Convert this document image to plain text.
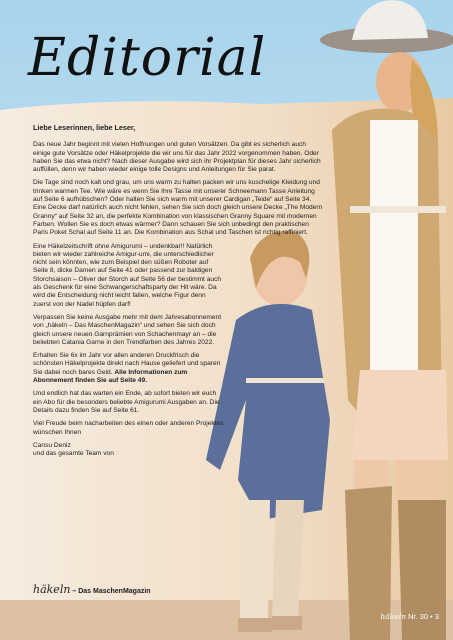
Editorial

Liebe Leserinnen, liebe Leser,

Das neue Jahr beginnt mit vielen Hoffnungen und guten Vorsätzen. Da gibt es sicherlich auch einige gute Vorsätze oder Häkelprojekte die wir uns für das Jahr 2022 vorgenommen haben. Oder haben Sie das etwa nicht? Nach dieser Ausgabe wird sich ihr Projektplan für dieses Jahr sicherlich auffüllen, denn wir haben wieder einige tolle Designs und Anleitungen für Sie parat.

Die Tage sind noch kalt und grau, um uns warm zu halten packen wir uns kuschelige Kleidung und trinken warmen Tee. Wie wäre es wenn Sie Ihre Tasse mit unserer Schneemann Tasse Anleitung auf Seite 6 aufhübschen? Oder halten Sie sich warm mit unserer Cardigan „Teide“ auf Seite 34. Eine Decke darf natürlich auch nicht fehlen, sehen Sie sich doch gleich unsere Decke „The Modern Granny“ auf Seite 32 an, die perfekte Kombination von klassischen Granny Square mit modernen Farben. Wollen Sie es doch etwas wärmer? Dann schauen Sie sich unbedingt den praktischen Paris Poket Schal auf Seite 11 an. Die Kombination aus Schal und Taschen ist richtig raffiniert.

Eine Häkelzeitschrift ohne Amigurumi – undenkbar!! Natürlich bieten wir wieder zahlreiche Amigur-umi, die unterschiedlicher nicht sein könnten, wie zum Beispiel den süßen Roboter auf Seite 8, dicke Damen auf Seite 41 oder passend zur baldigen Storchsaison – Oliver der Storch auf Seite 56 der bestimmt auch als Geschenk für eine Schwangerschaftsparty der Hit wäre. Da wird die Entscheidung nicht leicht fallen, welche Figur denn zuerst von der Nadel hüpfen darf!

Verpassen Sie keine Ausgabe mehr mit dem Jahresabonnement von „häkeln – Das MaschenMagazin“ und sehen Sie sich doch gleich unsere neuen Garnprämien von Schachenmayr an – die beliebten Catania Garne in den Trendfarben des Jahres 2022.

Erhalten Sie 6x im Jahr vor allen anderen Druckfrisch die schönsten Häkelprojekte direkt nach Hause geliefert und sparen Sie dabei noch bares Geld. Alle Informationen zum Abonnement finden Sie auf Seite 49.

Und endlich hat das warten ein Ende, ab sofort bieten wir euch ein Abo für die besonders beliebte Amigurumi Ausgaben an. Die Details dazu finden Sie auf Seite 61.

Viel Freude beim nacharbeiten des einen oder anderen Projektes wünschen Ihnen

Cansu Deniz
und das gesamte Team von

häkeln – Das MaschenMagazin
häkeln Nr. 30 • 3
